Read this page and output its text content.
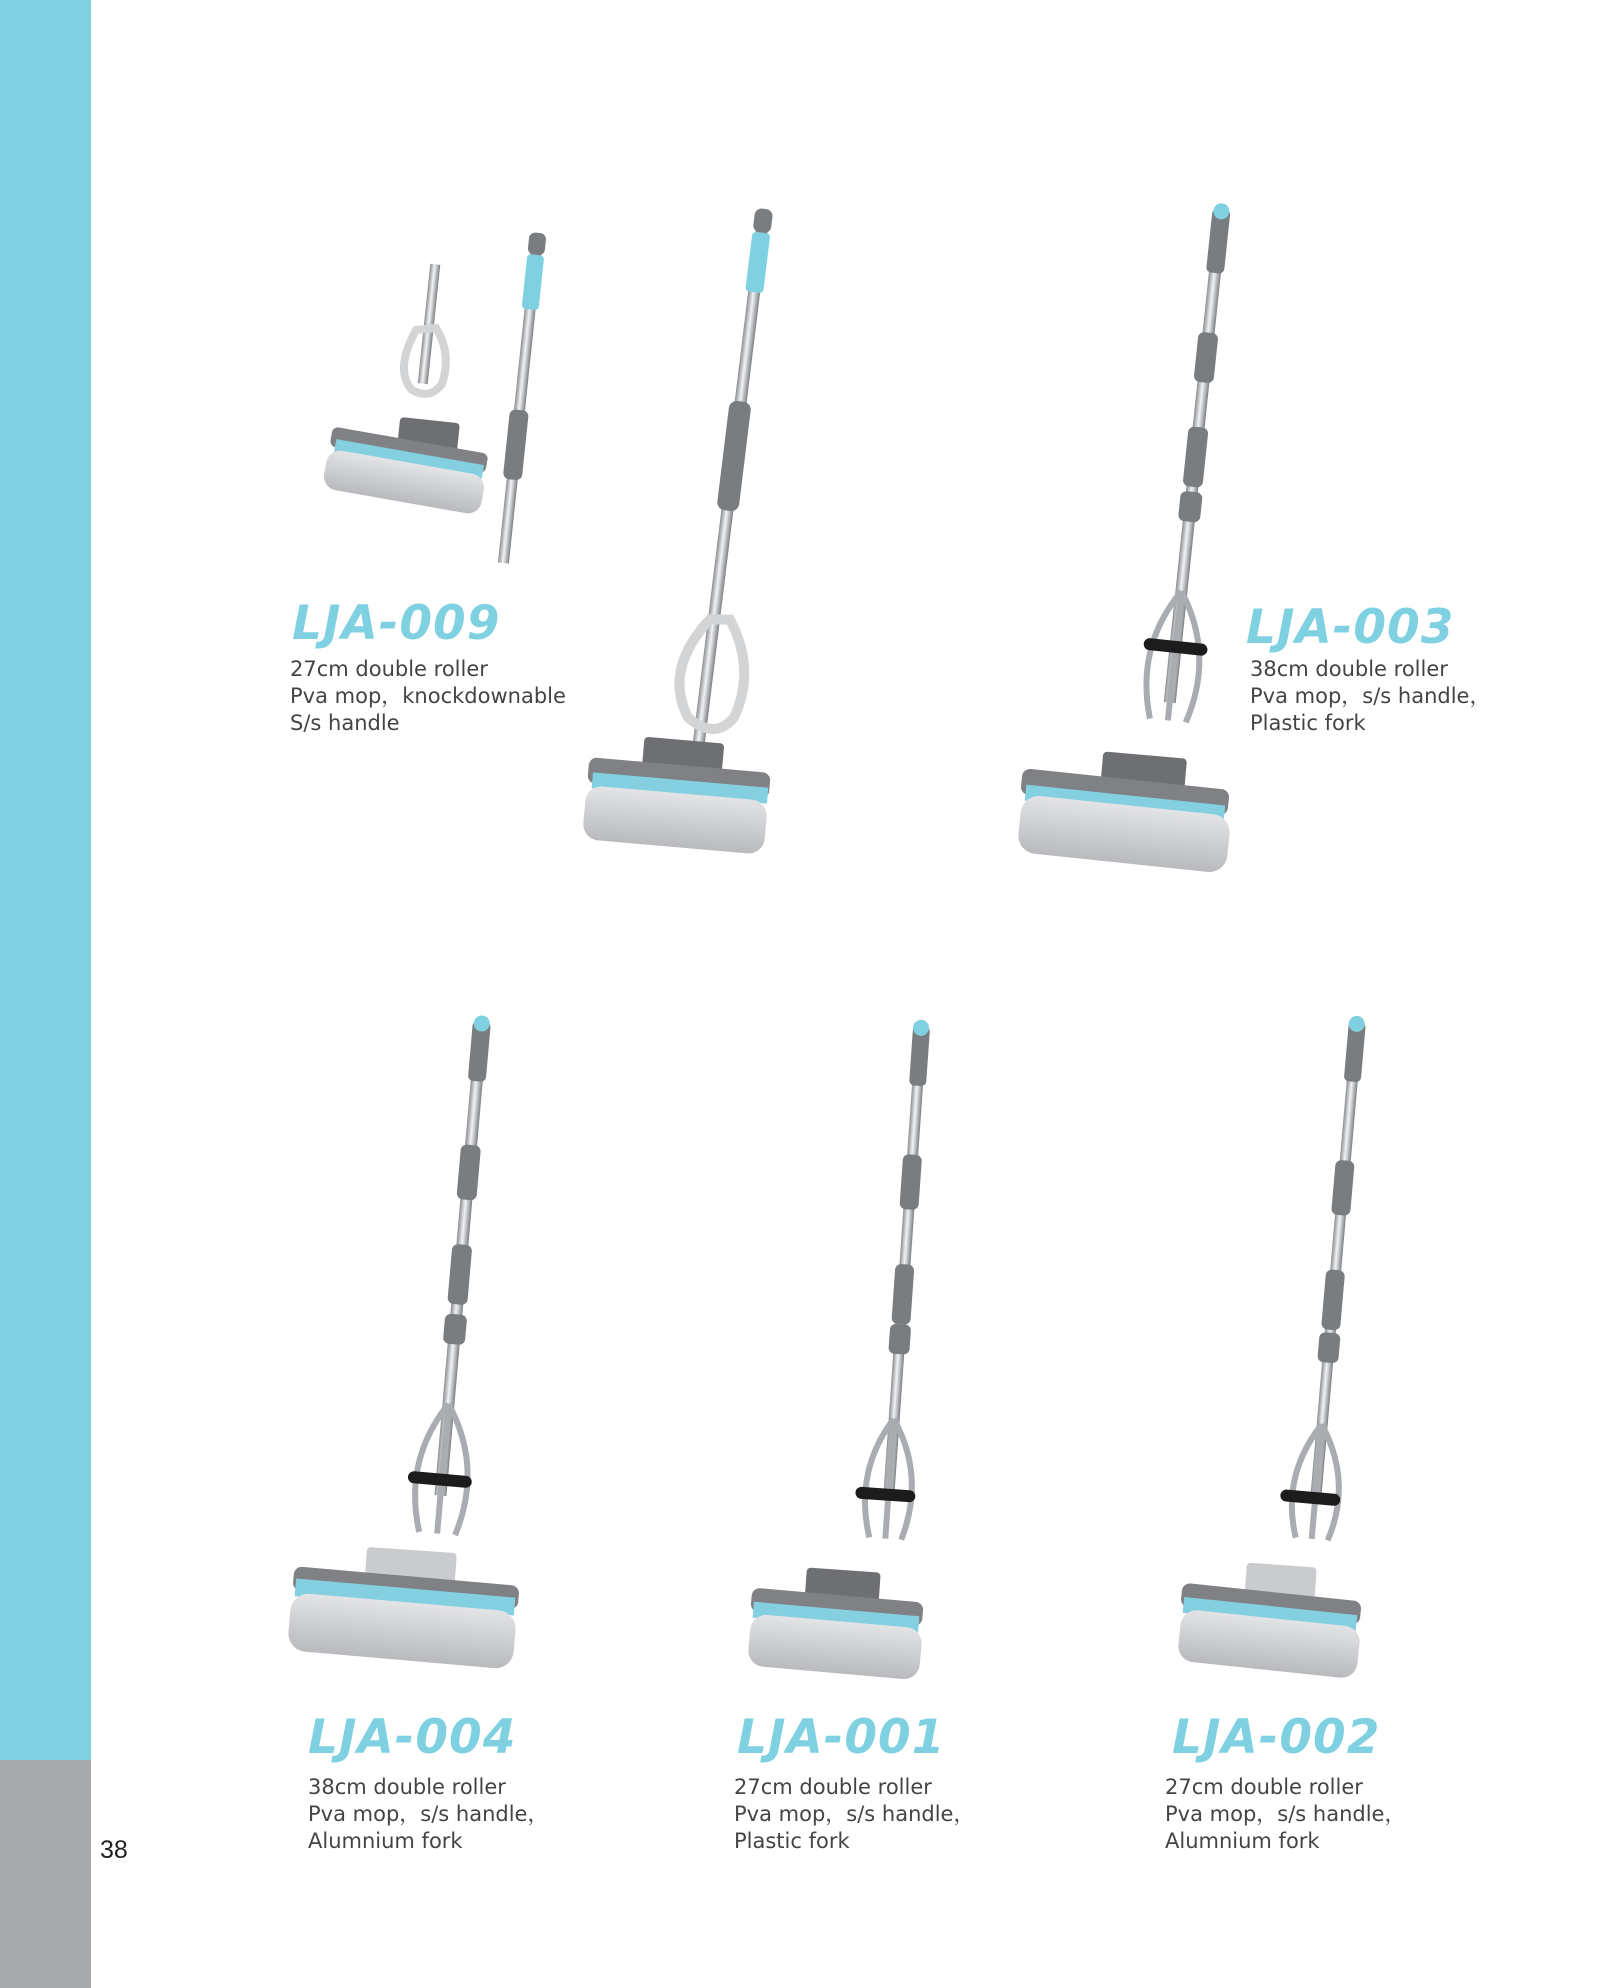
38
LJA-009
27cm double roller
Pva mop，knockdownable
S/s handle
LJA-003
38cm double roller
Pva mop，s/s handle，
Plastic fork
LJA-004
38cm double roller
Pva mop，s/s handle，
Alumnium fork
LJA-001
27cm double roller
Pva mop，s/s handle，
Plastic fork
LJA-002
27cm double roller
Pva mop，s/s handle，
Alumnium fork
